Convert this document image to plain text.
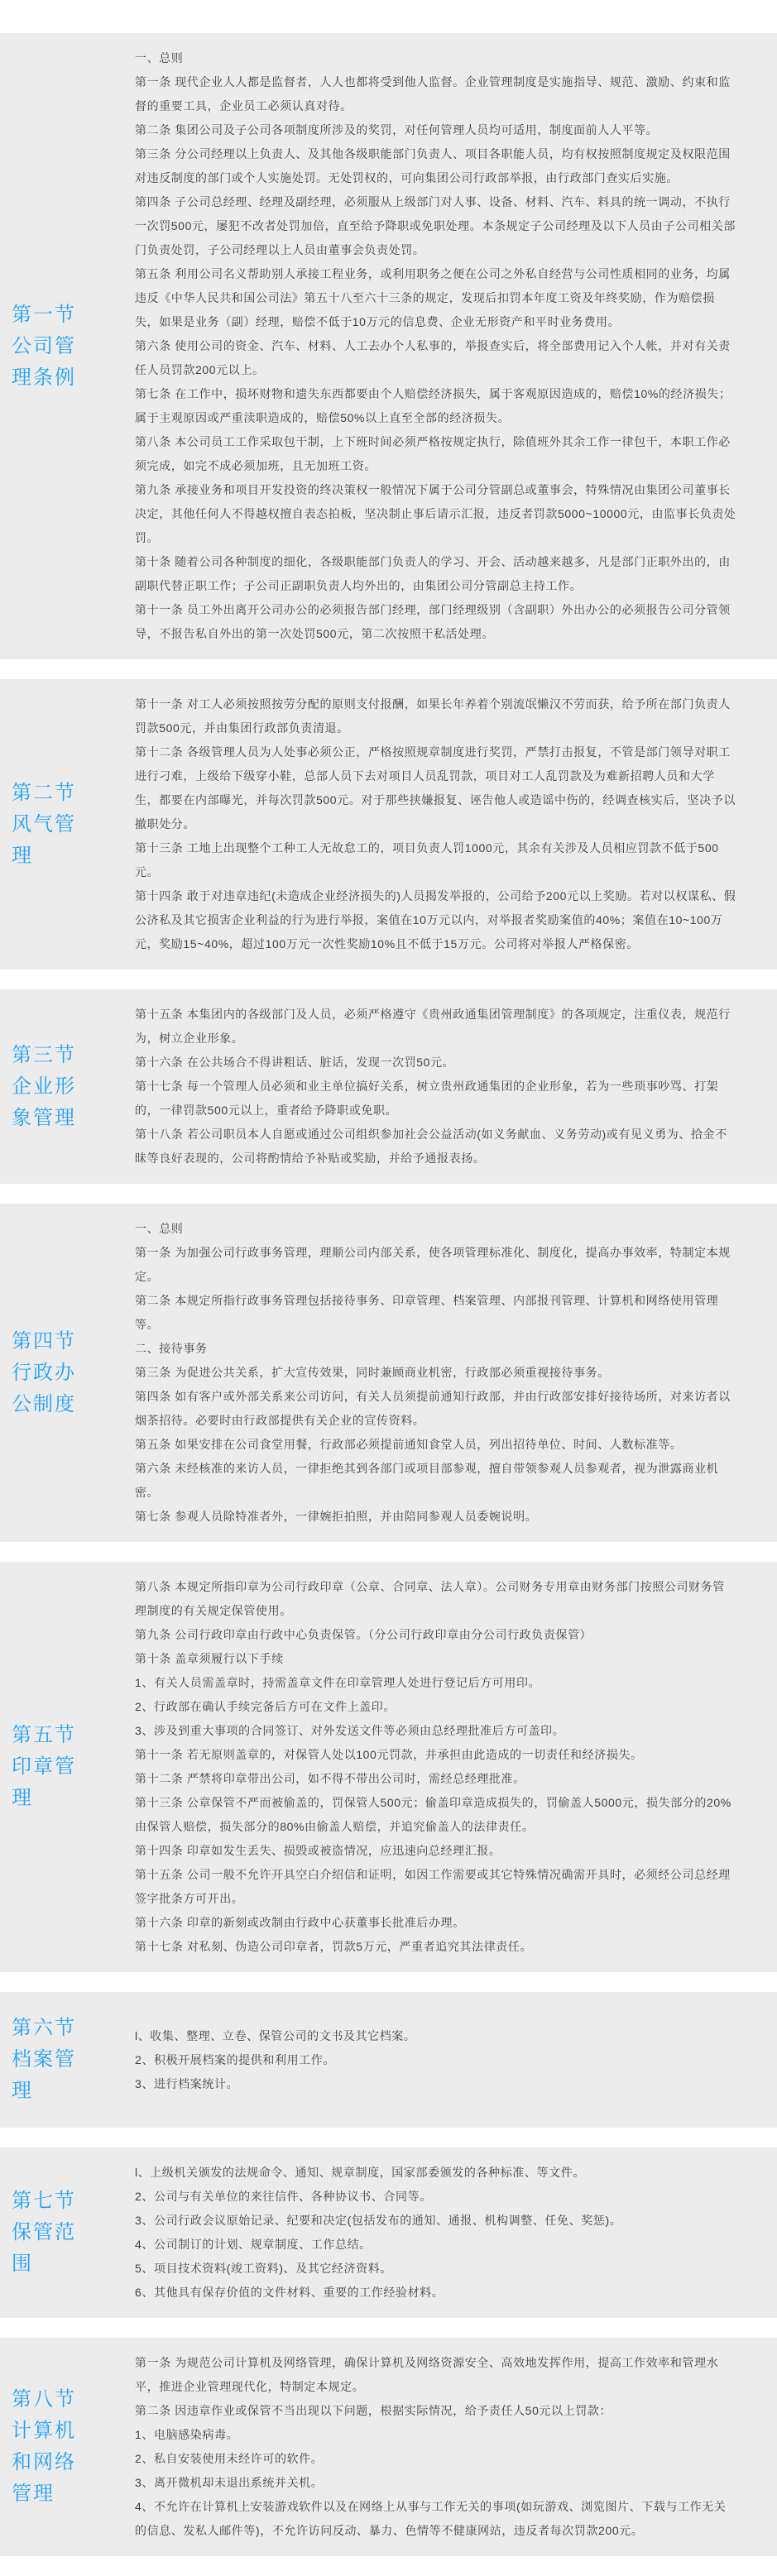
第一节 公司管理条例

一、总则

第一条 现代企业人人都是监督者，人人也都将受到他人监督。企业管理制度是实施指导、规范、激励、约束和监督的重要工具，企业员工必须认真对待。

第二条 集团公司及子公司各项制度所涉及的奖罚，对任何管理人员均可适用，制度面前人人平等。

第三条 分公司经理以上负责人、及其他各级职能部门负责人、项目各职能人员，均有权按照制度规定及权限范围对违反制度的部门或个人实施处罚。无处罚权的，可向集团公司行政部举报，由行政部门查实后实施。

第四条 子公司总经理、经理及副经理，必须服从上级部门对人事、设备、材料、汽车、料具的统一调动，不执行一次罚500元，屡犯不改者处罚加倍，直至给予降职或免职处理。本条规定子公司经理及以下人员由子公司相关部门负责处罚，子公司经理以上人员由董事会负责处罚。

第五条 利用公司名义帮助别人承接工程业务，或利用职务之便在公司之外私自经营与公司性质相同的业务，均属违反《中华人民共和国公司法》第五十八至六十三条的规定，发现后扣罚本年度工资及年终奖励，作为赔偿损失，如果是业务（副）经理，赔偿不低于10万元的信息费、企业无形资产和平时业务费用。

第六条 使用公司的资金、汽车、材料、人工去办个人私事的，举报查实后，将全部费用记入个人帐，并对有关责任人员罚款200元以上。

第七条 在工作中，损坏财物和遗失东西都要由个人赔偿经济损失，属于客观原因造成的，赔偿10%的经济损失；属于主观原因或严重渎职造成的，赔偿50%以上直至全部的经济损失。

第八条 本公司员工工作采取包干制，上下班时间必须严格按规定执行，除值班外其余工作一律包干，本职工作必须完成，如完不成必须加班，且无加班工资。

第九条 承接业务和项目开发投资的终决策权一般情况下属于公司分管副总或董事会，特殊情况由集团公司董事长决定，其他任何人不得越权擅自表态拍板，坚决制止事后请示汇报，违反者罚款5000~10000元，由监事长负责处罚。

第十条 随着公司各种制度的细化，各级职能部门负责人的学习、开会、活动越来越多，凡是部门正职外出的，由副职代替正职工作；子公司正副职负责人均外出的，由集团公司分管副总主持工作。

第十一条 员工外出离开公司办公的必须报告部门经理，部门经理级别（含副职）外出办公的必须报告公司分管领导，不报告私自外出的第一次处罚500元，第二次按照干私活处理。

第二节 风气管理

第十一条 对工人必须按照按劳分配的原则支付报酬，如果长年养着个别流氓懒汉不劳而获，给予所在部门负责人罚款500元，并由集团行政部负责清退。

第十二条 各级管理人员为人处事必须公正，严格按照规章制度进行奖罚，严禁打击报复，不管是部门领导对职工进行刁难，上级给下级穿小鞋，总部人员下去对项目人员乱罚款，项目对工人乱罚款及为难新招聘人员和大学生，都要在内部曝光，并每次罚款500元。对于那些挟嫌报复、诬告他人或造谣中伤的，经调查核实后，坚决予以撤职处分。

第十三条 工地上出现整个工种工人无故怠工的，项目负责人罚1000元，其余有关涉及人员相应罚款不低于500元。

第十四条 敢于对违章违纪(未造成企业经济损失的)人员揭发举报的，公司给予200元以上奖励。若对以权谋私、假公济私及其它损害企业利益的行为进行举报，案值在10万元以内，对举报者奖励案值的40%；案值在10~100万元，奖励15~40%，超过100万元一次性奖励10%且不低于15万元。公司将对举报人严格保密。

第三节 企业形象管理

第十五条 本集团内的各级部门及人员，必须严格遵守《贵州政通集团管理制度》的各项规定，注重仪表，规范行为，树立企业形象。

第十六条 在公共场合不得讲粗话、脏话，发现一次罚50元。

第十七条 每一个管理人员必须和业主单位搞好关系，树立贵州政通集团的企业形象，若为一些琐事吵骂、打架的，一律罚款500元以上，重者给予降职或免职。

第十八条 若公司职员本人自愿或通过公司组织参加社会公益活动(如义务献血、义务劳动)或有见义勇为、拾金不昧等良好表现的，公司将酌情给予补贴或奖励，并给予通报表扬。

第四节 行政办公制度

一、总则

第一条 为加强公司行政事务管理，理顺公司内部关系，使各项管理标准化、制度化，提高办事效率，特制定本规定。

第二条 本规定所指行政事务管理包括接待事务、印章管理、档案管理、内部报刊管理、计算机和网络使用管理等。

二、接待事务

第三条 为促进公共关系，扩大宣传效果，同时兼顾商业机密，行政部必须重视接待事务。

第四条 如有客户或外部关系来公司访问，有关人员须提前通知行政部，并由行政部安排好接待场所，对来访者以烟茶招待。必要时由行政部提供有关企业的宣传资料。

第五条 如果安排在公司食堂用餐，行政部必须提前通知食堂人员，列出招待单位、时间、人数标准等。

第六条 未经核准的来访人员，一律拒绝其到各部门或项目部参观，擅自带领参观人员参观者，视为泄露商业机密。

第七条 参观人员除特准者外，一律婉拒拍照，并由陪同参观人员委婉说明。

第五节 印章管理

第八条 本规定所指印章为公司行政印章（公章、合同章、法人章）。公司财务专用章由财务部门按照公司财务管理制度的有关规定保管使用。

第九条 公司行政印章由行政中心负责保管。（分公司行政印章由分公司行政负责保管）

第十条 盖章须履行以下手续

1、有关人员需盖章时，持需盖章文件在印章管理人处进行登记后方可用印。

2、行政部在确认手续完备后方可在文件上盖印。

3、涉及到重大事项的合同签订、对外发送文件等必须由总经理批准后方可盖印。

第十一条 若无原则盖章的，对保管人处以100元罚款，并承担由此造成的一切责任和经济损失。

第十二条 严禁将印章带出公司，如不得不带出公司时，需经总经理批准。

第十三条 公章保管不严而被偷盖的，罚保管人500元；偷盖印章造成损失的，罚偷盖人5000元，损失部分的20%由保管人赔偿，损失部分的80%由偷盖人赔偿，并追究偷盖人的法律责任。

第十四条 印章如发生丢失、损毁或被盗情况，应迅速向总经理汇报。

第十五条 公司一般不允许开具空白介绍信和证明，如因工作需要或其它特殊情况确需开具时，必须经公司总经理签字批条方可开出。

第十六条 印章的新刻或改制由行政中心获董事长批准后办理。

第十七条 对私刻、伪造公司印章者，罚款5万元，严重者追究其法律责任。

第六节 档案管理

l、收集、整理、立卷、保管公司的文书及其它档案。

2、积极开展档案的提供和利用工作。

3、进行档案统计。

第七节 保管范围

l、上级机关颁发的法规命令、通知、规章制度，国家部委颁发的各种标准、等文件。

2、公司与有关单位的来往信件、各种协议书、合同等。

3、公司行政会议原始记录、纪要和决定(包括发布的通知、通报、机构调整、任免、奖惩)。

4、公司制订的计划、规章制度、工作总结。

5、项目技术资料(竣工资料)、及其它经济资料。

6、其他具有保存价值的文件材料、重要的工作经验材料。

第八节 计算机和网络管理

第一条 为规范公司计算机及网络管理，确保计算机及网络资源安全、高效地发挥作用，提高工作效率和管理水平，推进企业管理现代化，特制定本规定。

第二条 因违章作业或保管不当出现以下问题，根据实际情况，给予责任人50元以上罚款：

1、电脑感染病毒。

2、私自安装使用未经许可的软件。

3、离开微机却未退出系统并关机。

4、不允许在计算机上安装游戏软件以及在网络上从事与工作无关的事项(如玩游戏、浏览图片、下载与工作无关的信息、发私人邮件等)，不允许访问反动、暴力、色情等不健康网站，违反者每次罚款200元。
